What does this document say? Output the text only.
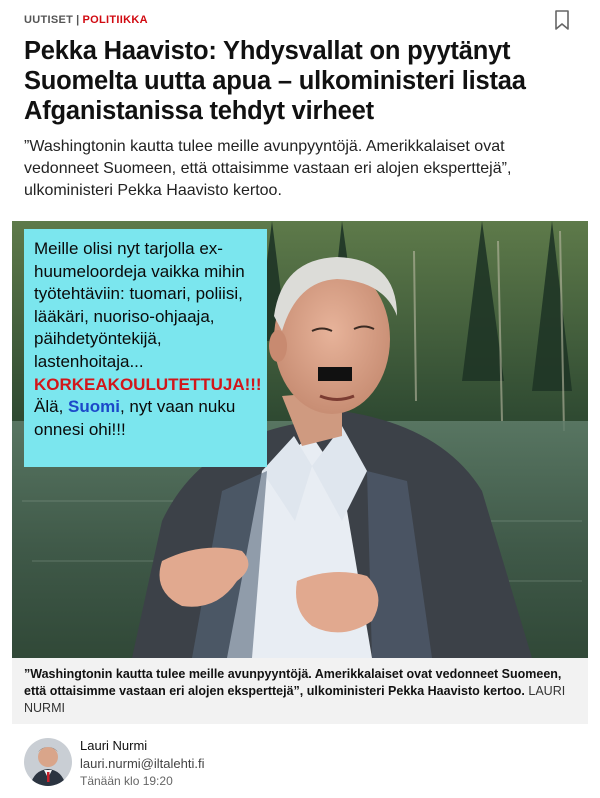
UUTISET | POLITIIKKA
Pekka Haavisto: Yhdysvallat on pyytänyt Suomelta uutta apua – ulkoministeri listaa Afganistanissa tehdyt virheet

”Washingtonin kautta tulee meille avunpyyntöjä. Amerikkalaiset ovat vedonneet Suomeen, että ottaisimme vastaan eri alojen eksperttejä”, ulkoministeri Pekka Haavisto kertoo.

Meille olisi nyt tarjolla ex-huumeloordeja vaikka mihin työtehtäviin: tuomari, poliisi, lääkäri, nuoriso-ohjaaja, päihdetyöntekijä, lastenhoitaja...
KORKEAKOULUTETTUJA!!!
Älä, Suomi, nyt vaan nuku onnesi ohi!!!
”Washingtonin kautta tulee meille avunpyyntöjä. Amerikkalaiset ovat vedonneet Suomeen, että ottaisimme vastaan eri alojen eksperttejä”, ulkoministeri Pekka Haavisto kertoo. LAURI NURMI
Lauri Nurmi
lauri.nurmi@iltalehti.fi
Tänään klo 19:20
